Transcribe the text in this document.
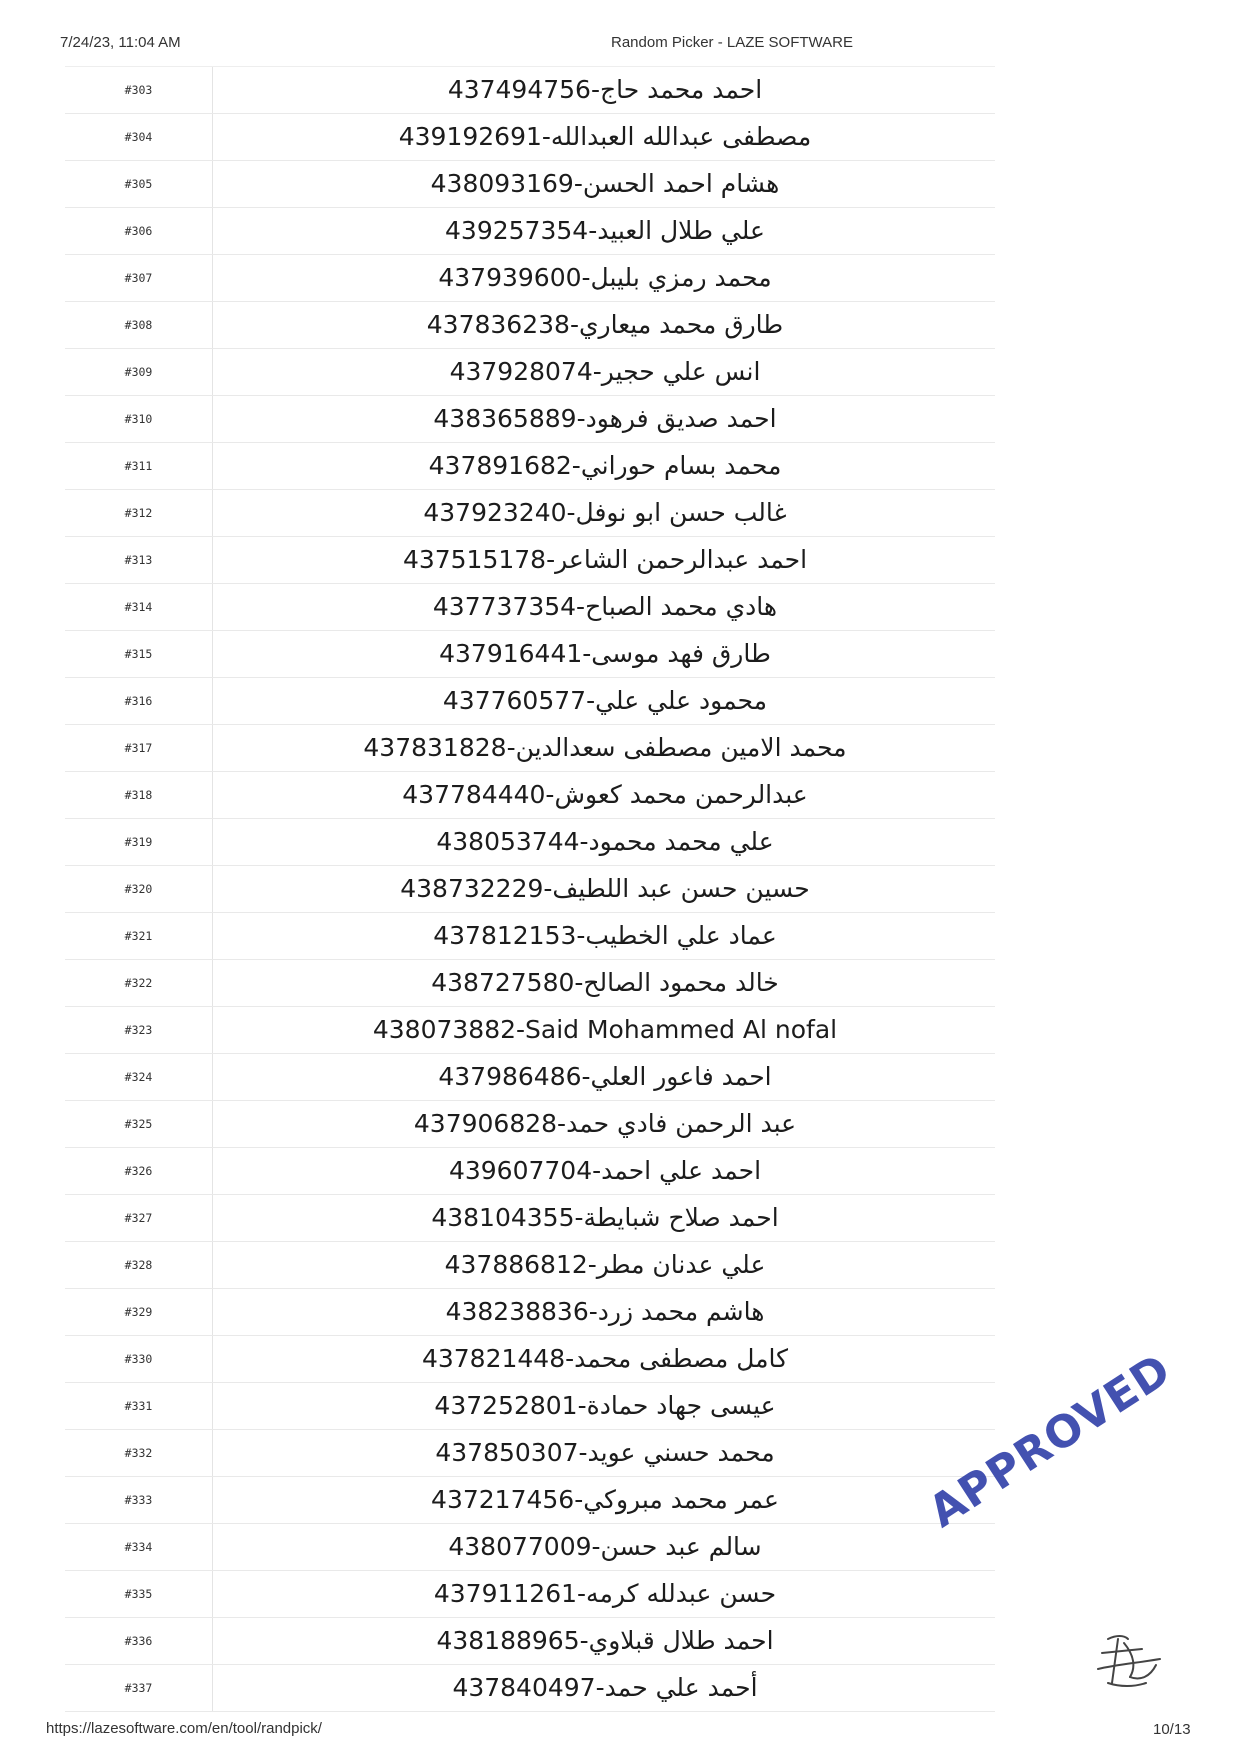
7/24/23, 11:04 AM	Random Picker - LAZE SOFTWARE
#303	احمد محمد حاج-437494756
#304	مصطفى عبدالله العبدالله-439192691
#305	هشام احمد الحسن-438093169
#306	علي طلال العبيد-439257354
#307	محمد رمزي بليبل-437939600
#308	طارق محمد ميعاري-437836238
#309	انس علي حجير-437928074
#310	احمد صديق فرهود-438365889
#311	محمد بسام حوراني-437891682
#312	غالب حسن ابو نوفل-437923240
#313	احمد عبدالرحمن الشاعر-437515178
#314	هادي محمد الصباح-437737354
#315	طارق فهد موسى-437916441
#316	محمود علي علي-437760577
#317	محمد الامين مصطفى سعدالدين-437831828
#318	عبدالرحمن محمد كعوش-437784440
#319	علي محمد محمود-438053744
#320	حسين حسن عبد اللطيف-438732229
#321	عماد علي الخطيب-437812153
#322	خالد محمود الصالح-438727580
#323	438073882-Said Mohammed Al nofal
#324	احمد فاعور العلي-437986486
#325	عبد الرحمن فادي حمد-437906828
#326	احمد علي احمد-439607704
#327	احمد صلاح شبايطة-438104355
#328	علي عدنان مطر-437886812
#329	هاشم محمد زرد-438238836
#330	كامل مصطفى محمد-437821448
#331	عيسى جهاد حمادة-437252801
#332	محمد حسني عويد-437850307
#333	عمر محمد مبروكي-437217456
#334	سالم عبد حسن-438077009
#335	حسن عبدلله كرمه-437911261
#336	احمد طلال قبلاوي-438188965
#337	أحمد علي حمد-437840497
APPROVED
https://lazesoftware.com/en/tool/randpick/	10/13
